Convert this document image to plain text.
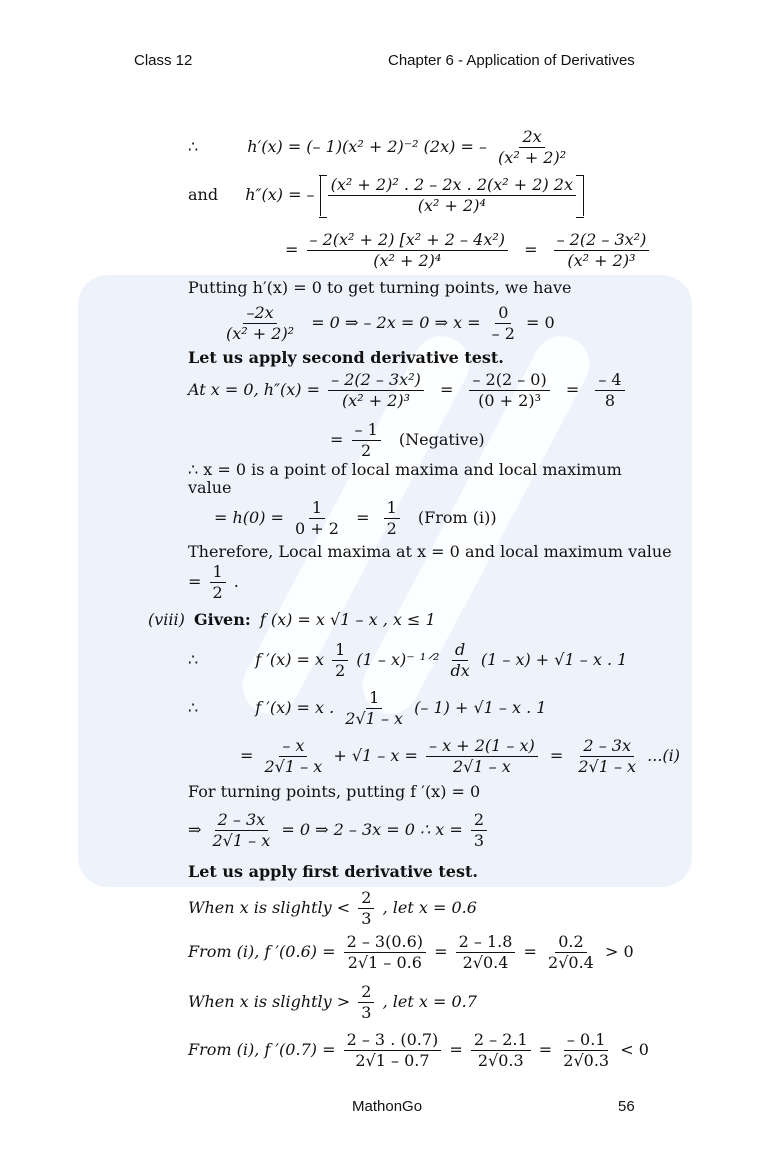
Class 12	Chapter 6 - Application of Derivatives
∴	h′(x) = (– 1)(x² + 2)⁻² (2x) = – $\frac{2x}{\text{(x² + 2)²}}$
and h″(x) = – $\frac{\text{(x² + 2)² . 2 – 2x . 2(x² + 2) 2x}}{\text{(x² + 2)⁴}}$
= $\frac{\text{– 2(x² + 2) [x² + 2 – 4x²)}}{\text{(x² + 2)⁴}} = \frac{\text{– 2(2 – 3x²)}}{\text{(x² + 2)³}}$
Putting h′(x) = 0 to get turning points, we have
$\frac{-2x}{\text{(x² + 2)²}} = 0$ ⇒ – 2x = 0 ⇒ $x = \frac{0}{- 2} = 0$
Let us apply second derivative test.
At x = 0, $h''(x) = \frac{\text{– 2(2 – 3x²)}}{\text{(x² + 2)³}} = \frac{- 2(2 - 0)}{\text{(0 + 2)³}} = \frac{- 4}{8}$
= $\frac{- 1}{2}$ (Negative)
∴ x = 0 is a point of local maxima and local maximum
value
= $h(0) = \frac{1}{0 + 2} = \frac{1}{2}$ (From (i))
Therefore, Local maxima at x = 0 and local maximum value
= $\frac{1}{2}$ .
(viii) Given: f (x) = x √1 – x , x ≤ 1
∴	f ′(x) = x $\frac{1}{2} (1 - x)^-$ ¹ᐟ² $\frac{d}{dx} (1 - x) + √1 - x$ . 1
∴	f ′(x) = x . $\frac{1}{2√1 - x}$ (– 1) + √1 – x . 1
= $\frac{- x}{2√1 - x} + √1 - x = \frac{- x + 2(1 - x)}{2√1 - x} = \frac{2 - 3x}{2√1 - x} ...(i)$
For turning points, putting f ′(x) = 0
⇒ $\frac{2 - 3x}{2√1 - x} = 0$ ⇒ 2 – 3x = 0 ∴ $x = \frac{2}{3}$
Let us apply first derivative test.
When x is slightly < $\frac{2}{3}$ , let x = 0.6
From (i), f $'(0.6) = \frac{2 - 3(0.6)}{2√1 - 0.6} = \frac{2 - 1.8}{2√0.4} = \frac{0.2}{2√0.4} > 0$
When x is slightly > $\frac{2}{3}$ , let x = 0.7
From (i), f $'(0.7) = \frac{2 - 3 . (0.7)}{2√1 - 0.7} = \frac{2 - 2.1}{2√0.3} = \frac{- 0.1}{2√0.3} < 0$
MathonGo	56
